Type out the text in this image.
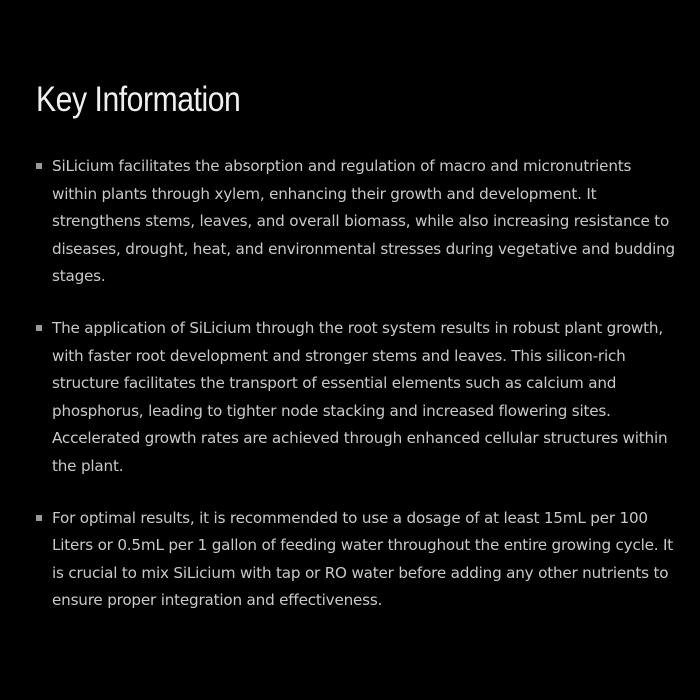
Key Information
SiLicium facilitates the absorption and regulation of macro and micronutrients within plants through xylem, enhancing their growth and development. It strengthens stems, leaves, and overall biomass, while also increasing resistance to diseases, drought, heat, and environmental stresses during vegetative and budding stages.
The application of SiLicium through the root system results in robust plant growth, with faster root development and stronger stems and leaves. This silicon-rich structure facilitates the transport of essential elements such as calcium and phosphorus, leading to tighter node stacking and increased flowering sites. Accelerated growth rates are achieved through enhanced cellular structures within the plant.
For optimal results, it is recommended to use a dosage of at least 15mL per 100 Liters or 0.5mL per 1 gallon of feeding water throughout the entire growing cycle. It is crucial to mix SiLicium with tap or RO water before adding any other nutrients to ensure proper integration and effectiveness.
